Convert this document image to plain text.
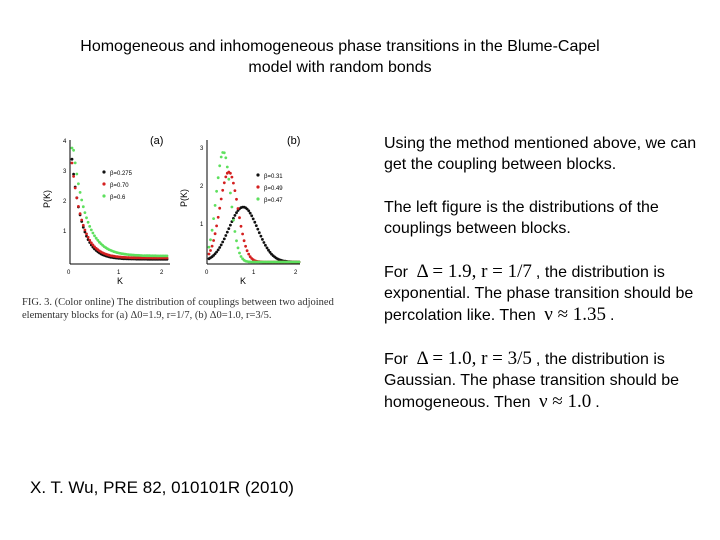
Homogeneous and inhomogeneous phase transitions in the Blume-Capel
model with random bonds
(a)
P(K)
K
4
3
2
1
0	1	2
β=0.275
β=0.70
β=0.6
(b)
P(K)
K
3
2
1
0	1	2
β=0.31
β=0.49
β=0.47
FIG. 3. (Color online) The distribution of couplings between two adjoined elementary blocks for (a) Δ0=1.9, r=1/7, (b) Δ0=1.0, r=3/5.

Using the method mentioned above, we can get the coupling between blocks.

The left figure is the distributions of the couplings between blocks.

For Δ = 1.9, r = 1/7 , the distribution is exponential. The phase transition should be percolation like. Then ν ≈ 1.35 .

For Δ = 1.0, r = 3/5 , the distribution is Gaussian. The phase transition should be homogeneous. Then ν ≈ 1.0 .

X. T. Wu, PRE 82, 010101R (2010)
